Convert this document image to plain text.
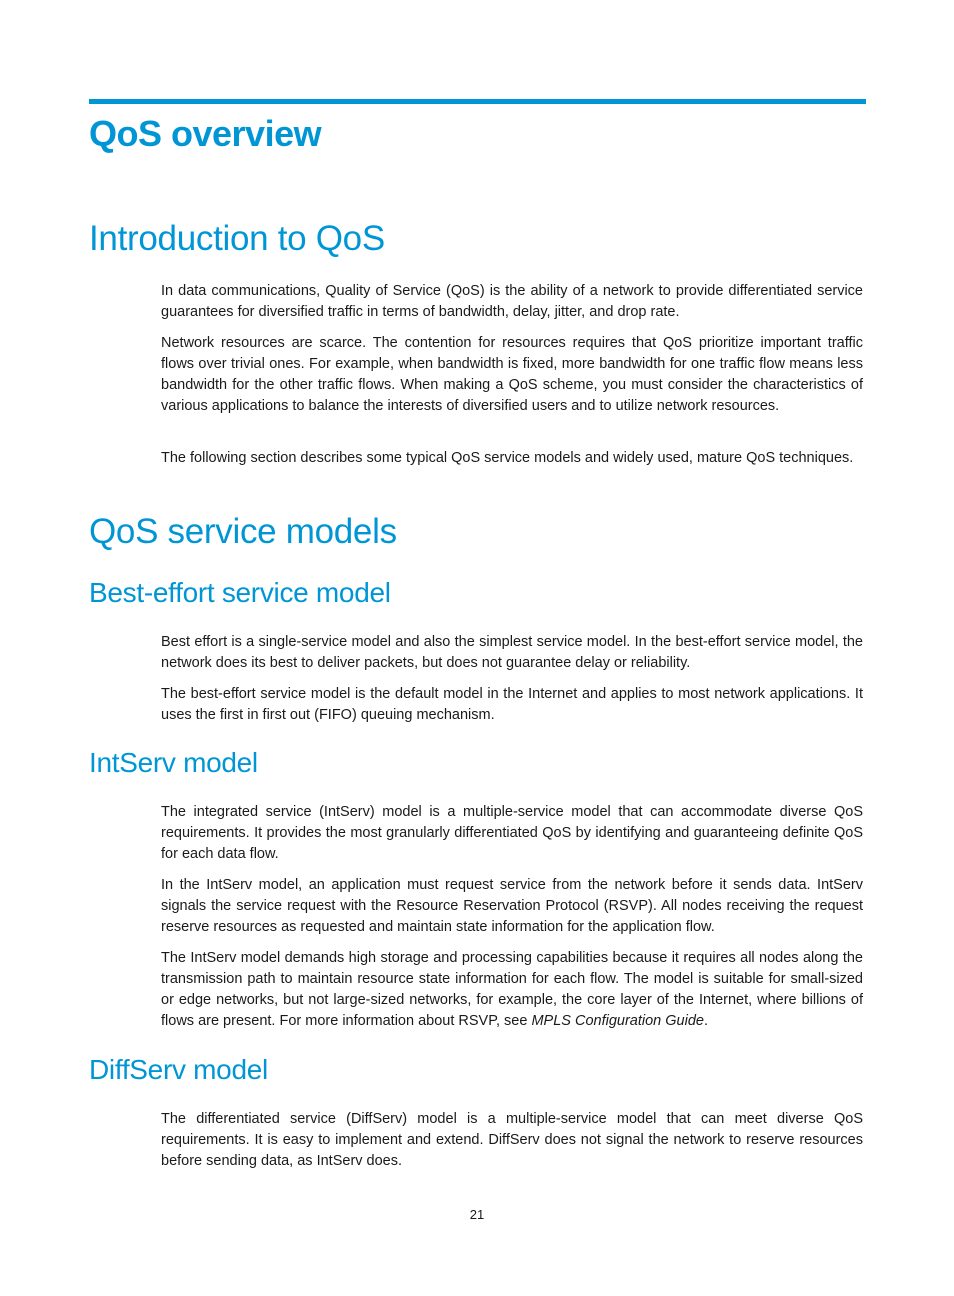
QoS overview
Introduction to QoS

In data communications, Quality of Service (QoS) is the ability of a network to provide differentiated service guarantees for diversified traffic in terms of bandwidth, delay, jitter, and drop rate.

Network resources are scarce. The contention for resources requires that QoS prioritize important traffic flows over trivial ones. For example, when bandwidth is fixed, more bandwidth for one traffic flow means less bandwidth for the other traffic flows. When making a QoS scheme, you must consider the characteristics of various applications to balance the interests of diversified users and to utilize network resources.

The following section describes some typical QoS service models and widely used, mature QoS techniques.

QoS service models
Best-effort service model

Best effort is a single-service model and also the simplest service model. In the best-effort service model, the network does its best to deliver packets, but does not guarantee delay or reliability.

The best-effort service model is the default model in the Internet and applies to most network applications. It uses the first in first out (FIFO) queuing mechanism.

IntServ model

The integrated service (IntServ) model is a multiple-service model that can accommodate diverse QoS requirements. It provides the most granularly differentiated QoS by identifying and guaranteeing definite QoS for each data flow.

In the IntServ model, an application must request service from the network before it sends data. IntServ signals the service request with the Resource Reservation Protocol (RSVP). All nodes receiving the request reserve resources as requested and maintain state information for the application flow.

The IntServ model demands high storage and processing capabilities because it requires all nodes along the transmission path to maintain resource state information for each flow. The model is suitable for small-sized or edge networks, but not large-sized networks, for example, the core layer of the Internet, where billions of flows are present. For more information about RSVP, see MPLS Configuration Guide.

DiffServ model

The differentiated service (DiffServ) model is a multiple-service model that can meet diverse QoS requirements. It is easy to implement and extend. DiffServ does not signal the network to reserve resources before sending data, as IntServ does.

21
